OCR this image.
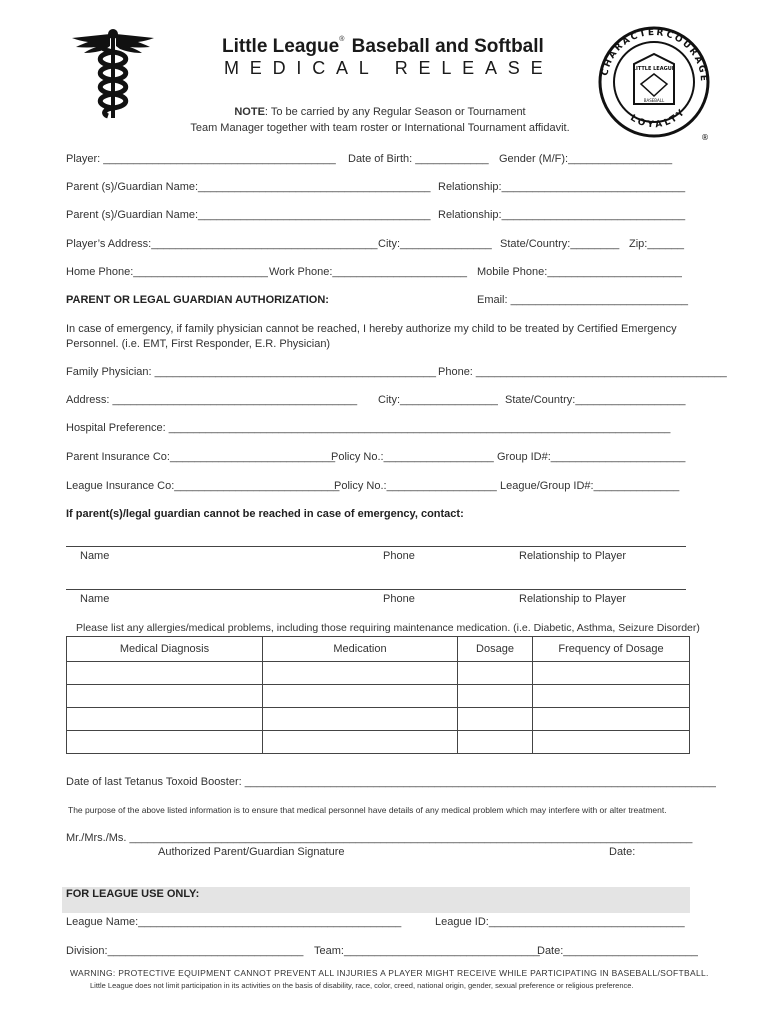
Little League® Baseball and Softball
MEDICAL RELEASE
NOTE: To be carried by any Regular Season or Tournament
Team Manager together with team roster or International Tournament affidavit.
CHARACTER
COURAGE
LOYALTY
LITTLE LEAGUE
BASEBALL
®
Player: ______________________________________ Date of Birth: ____________ Gender (M/F):_________________
Parent (s)/Guardian Name:______________________________________ Relationship:______________________________
Parent (s)/Guardian Name:______________________________________ Relationship:______________________________
Player’s Address:_____________________________________ City:_______________ State/Country:________ Zip:______
Home Phone:______________________ Work Phone:______________________ Mobile Phone:______________________
PARENT OR LEGAL GUARDIAN AUTHORIZATION:	Email: _____________________________
In case of emergency, if family physician cannot be reached, I hereby authorize my child to be treated by Certified Emergency Personnel. (i.e. EMT, First Responder, E.R. Physician)
Family Physician: ______________________________________________ Phone: _________________________________________
Address: ________________________________________ City:________________ State/Country:__________________
Hospital Preference: __________________________________________________________________________________
Parent Insurance Co:___________________________
Policy No.:__________________ Group ID#:______________________
League Insurance Co:___________________________
Policy No.:__________________ League/Group ID#:______________
If parent(s)/legal guardian cannot be reached in case of emergency, contact:
Name	Phone	Relationship to Player
Name	Phone	Relationship to Player
Please list any allergies/medical problems, including those requiring maintenance medication. (i.e. Diabetic, Asthma, Seizure Disorder)
Medical Diagnosis	Medication	Dosage	Frequency of Dosage

Date of last Tetanus Toxoid Booster: _____________________________________________________________________________
The purpose of the above listed information is to ensure that medical personnel have details of any medical problem which may interfere with or alter treatment.
Mr./Mrs./Ms. ____________________________________________________________________________________________
Authorized Parent/Guardian Signature	Date:
FOR LEAGUE USE ONLY:
League Name:___________________________________________	League ID:________________________________
Division:________________________________ Team:________________________________
Date:______________________
WARNING: PROTECTIVE EQUIPMENT CANNOT PREVENT ALL INJURIES A PLAYER MIGHT RECEIVE WHILE PARTICIPATING IN BASEBALL/SOFTBALL.
Little League does not limit participation in its activities on the basis of disability, race, color, creed, national origin, gender, sexual preference or religious preference.
